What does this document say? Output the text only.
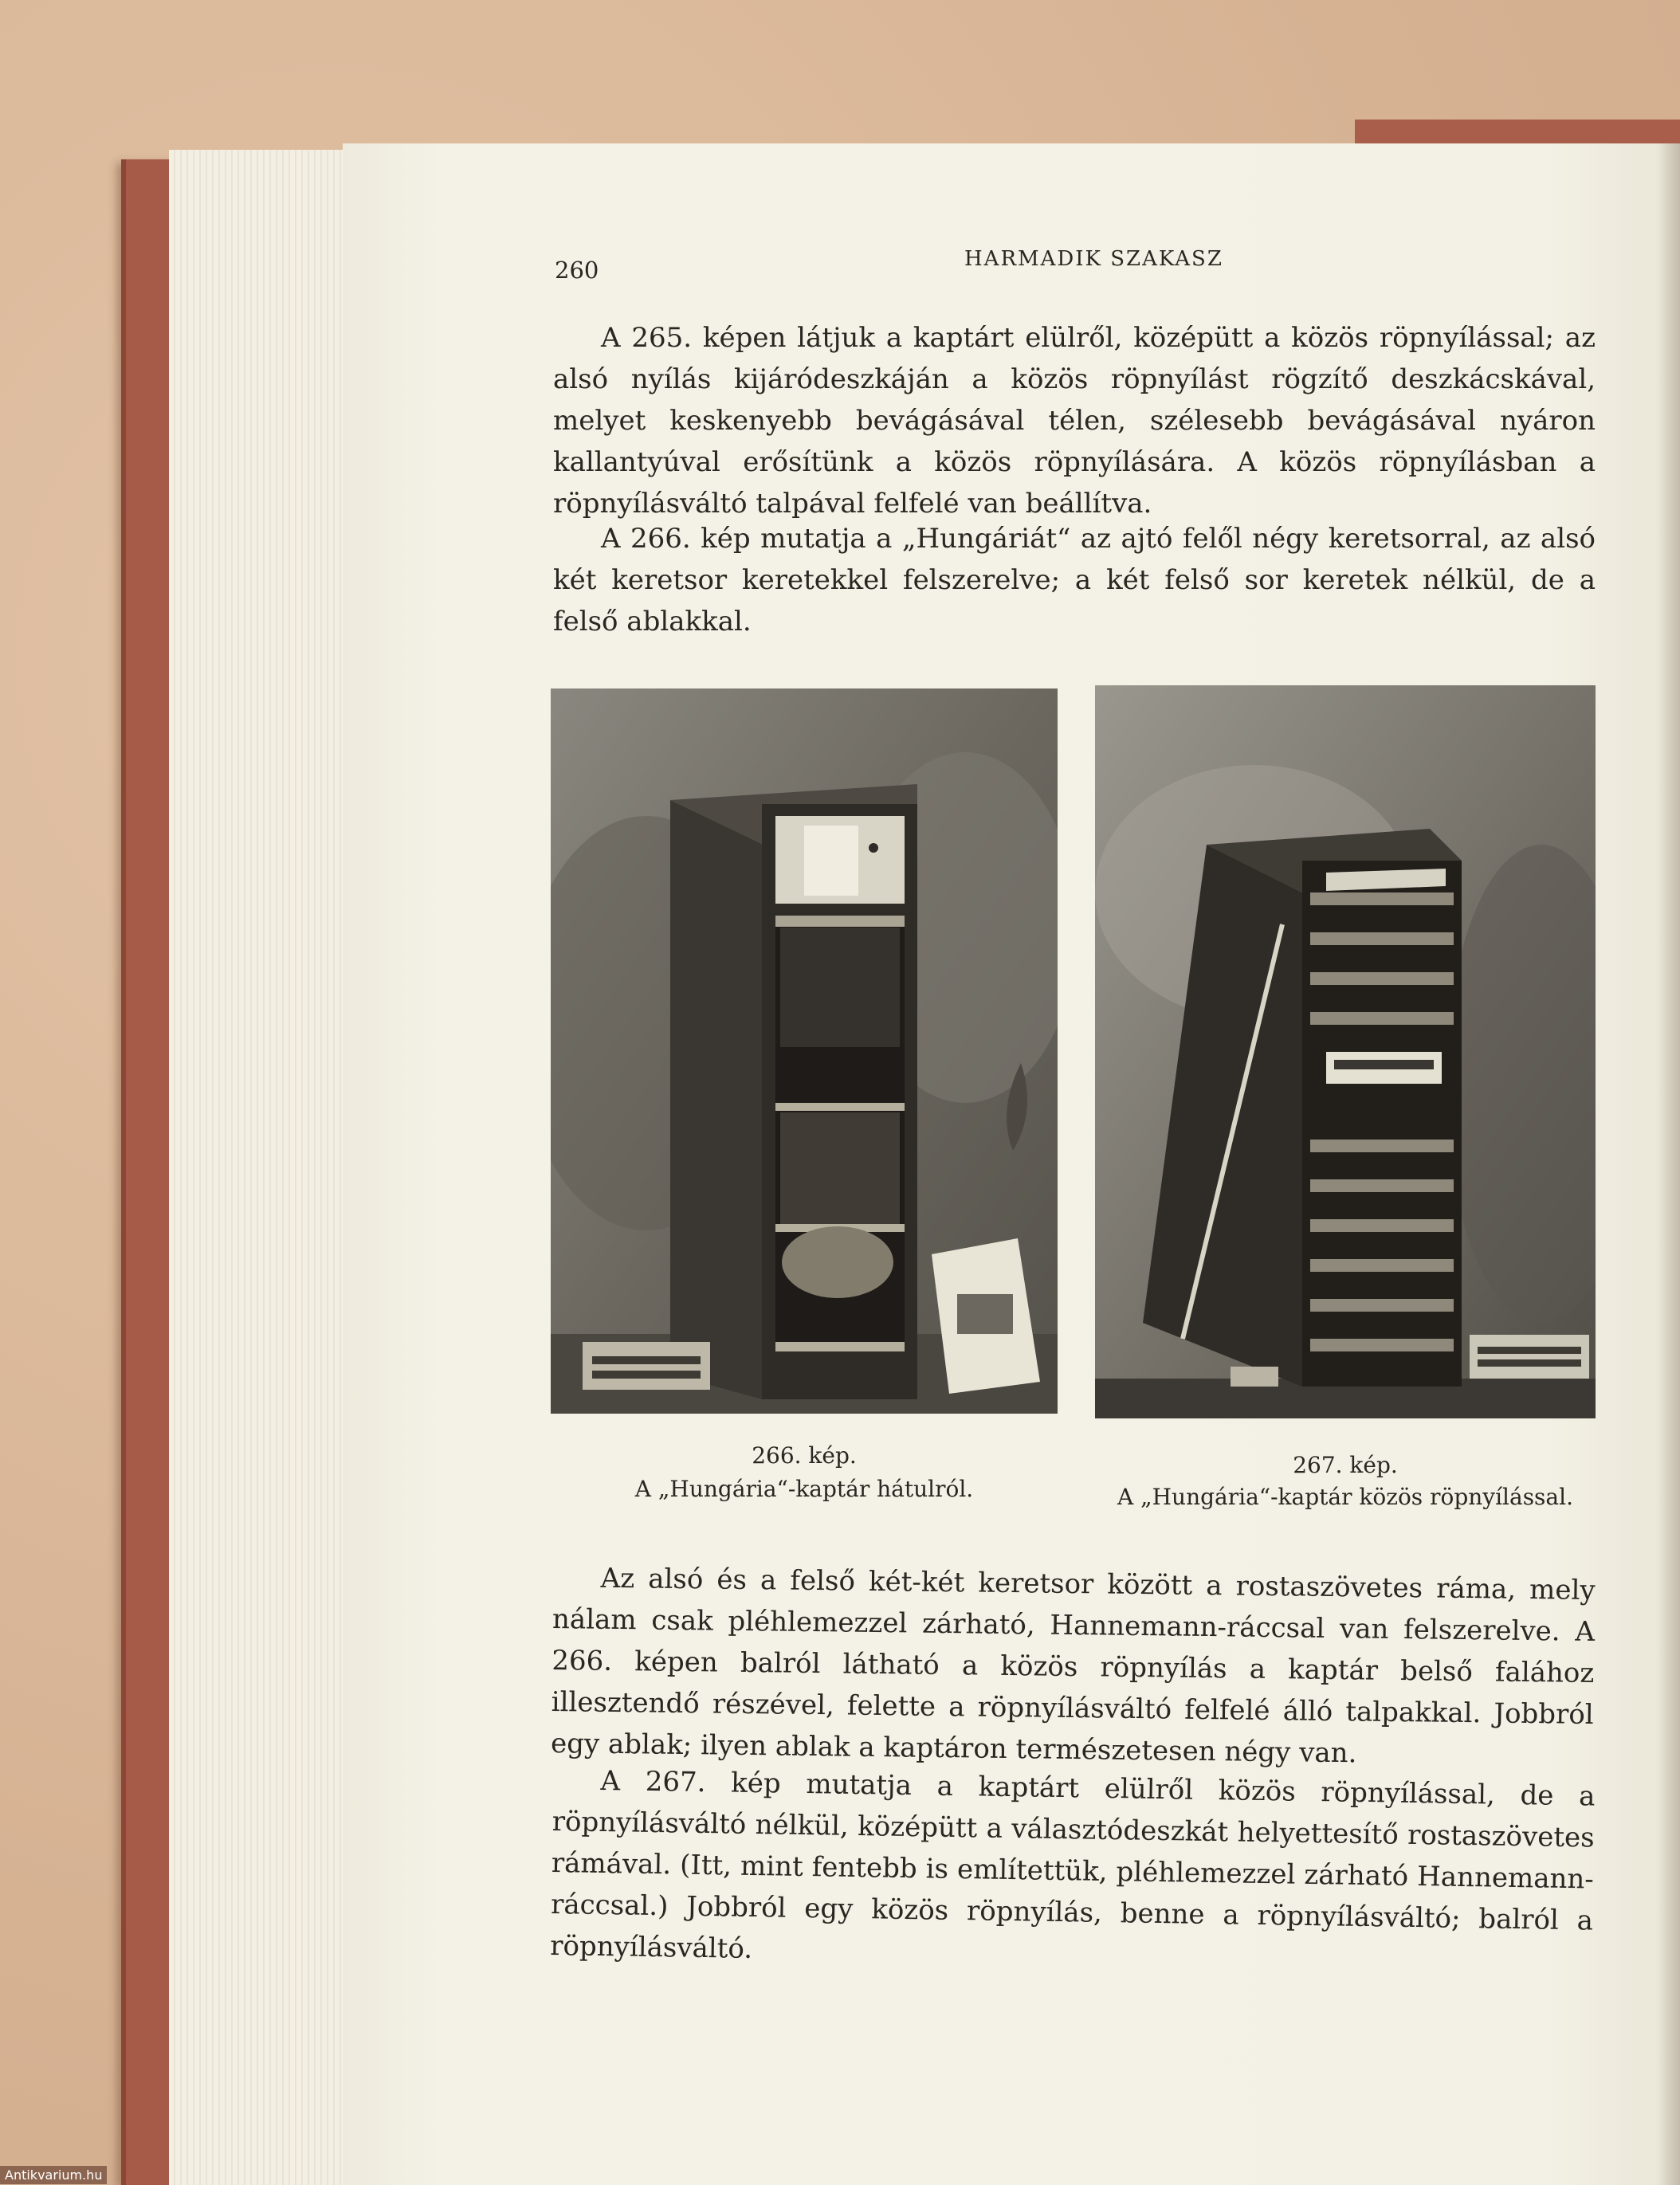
260	HARMADIK SZAKASZ
A 265. képen látjuk a kaptárt elülről, középütt a közös röpnyílással; az alsó nyílás kijáródeszkáján a közös röpnyílást rögzítő deszkácskával, melyet keskenyebb bevágásával télen, szélesebb bevágásával nyáron kallantyúval erősítünk a közös röpnyílására. A közös röpnyílásban a röpnyílásváltó talpával felfelé van beállítva.
A 266. kép mutatja a „Hungáriát“ az ajtó felől négy keretsorral, az alsó két keretsor keretekkel felszerelve; a két felső sor keretek nélkül, de a felső ablakkal.
266. kép.
A „Hungária“-kaptár hátulról.
267. kép.
A „Hungária“-kaptár közös röpnyílással.
Az alsó és a felső két-két keretsor között a rostaszövetes ráma, mely nálam csak pléhlemezzel zárható, Hannemann-ráccsal van felszerelve. A 266. képen balról látható a közös röpnyílás a kaptár belső falához illesztendő részével, felette a röpnyílásváltó felfelé álló talpakkal. Jobbról egy ablak; ilyen ablak a kaptáron természetesen négy van.
A 267. kép mutatja a kaptárt elülről közös röpnyílással, de a röpnyílásváltó nélkül, középütt a választódeszkát helyettesítő rostaszövetes rámával. (Itt, mint fentebb is említettük, pléhlemezzel zárható Hannemann-ráccsal.) Jobbról egy közös röpnyílás, benne a röpnyílásváltó; balról a röpnyílásváltó.
Antikvarium.hu
